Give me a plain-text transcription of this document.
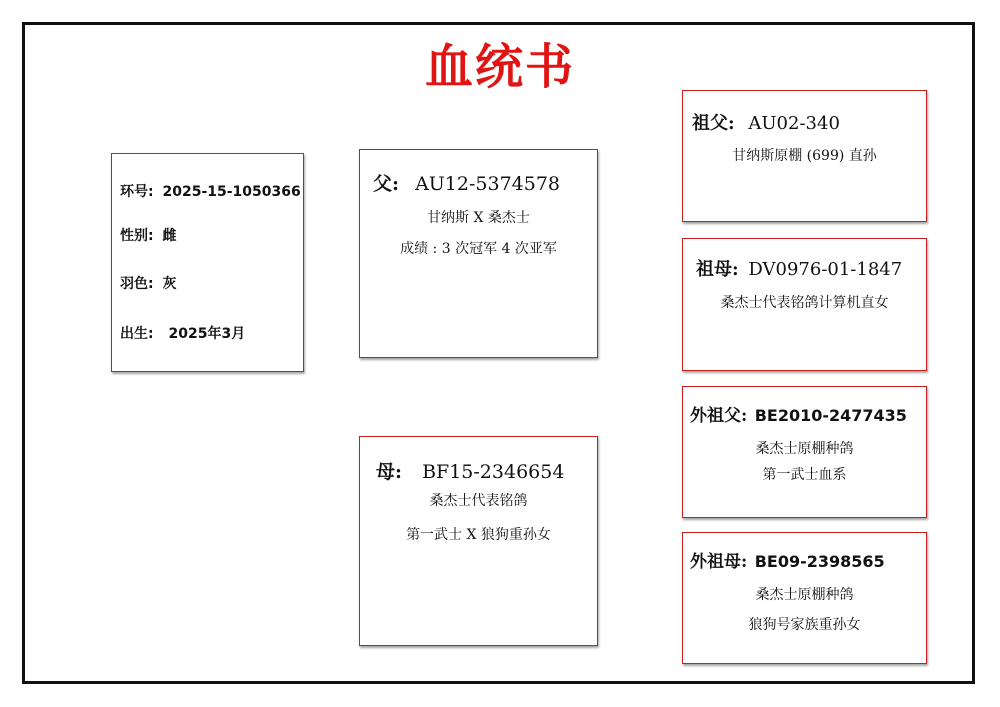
血统书
环号: 2025-15-1050366
性别: 雌
羽色: 灰
出生: 2025年3月
父: AU12-5374578
甘纳斯 X 桑杰士
成绩 : 3 次冠军 4 次亚军
母: BF15-2346654
桑杰士代表铭鸽
第一武士 X 狼狗重孙女
祖父: AU02-340
甘纳斯原棚 (699) 直孙
祖母: DV0976-01-1847
桑杰士代表铭鸽计算机直女
外祖父: BE2010-2477435
桑杰士原棚种鸽
第一武士血系
外祖母: BE09-2398565
桑杰士原棚种鸽
狼狗号家族重孙女
